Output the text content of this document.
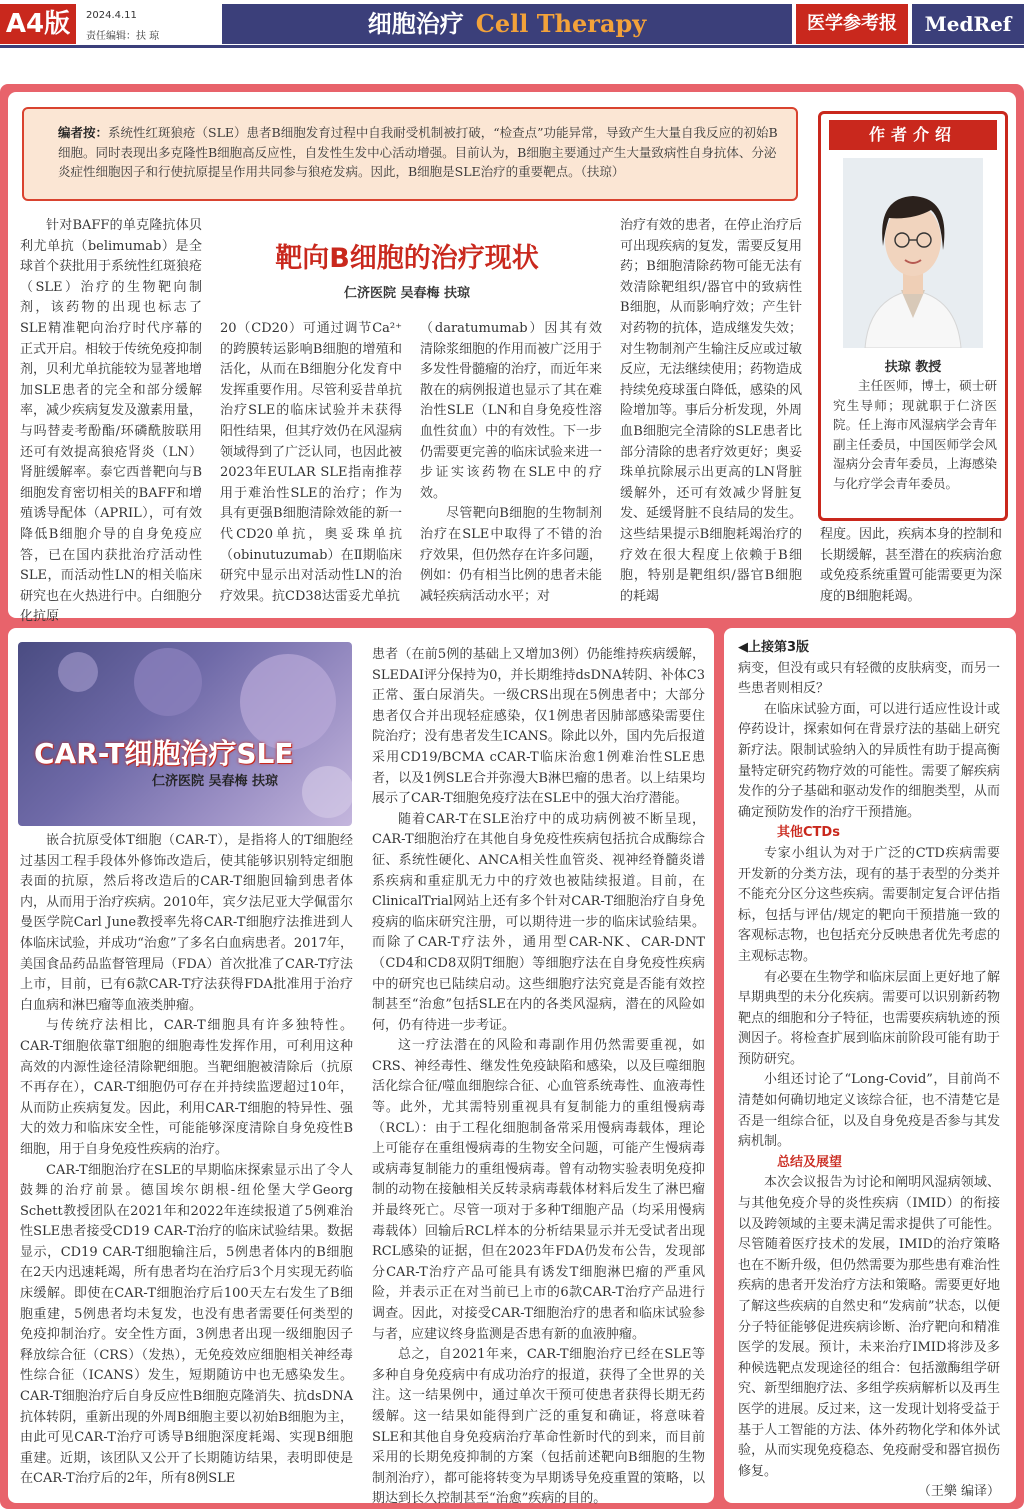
A4版	2024.4.11
责任编辑：扶 琼	细胞治疗 Cell Therapy	医学参考报	MedRef
编者按：系统性红斑狼疮（SLE）患者B细胞发育过程中自我耐受机制被打破，“检查点”功能异常，导致产生大量自我反应的初始B细胞。同时表现出多克隆性B细胞高反应性，自发性生发中心活动增强。目前认为，B细胞主要通过产生大量致病性自身抗体、分泌炎症性细胞因子和行使抗原提呈作用共同参与狼疮发病。因此，B细胞是SLE治疗的重要靶点。（扶琼）
作者介绍
扶琼 教授

主任医师，博士，硕士研究生导师；现就职于仁济医院。任上海市风湿病学会青年副主任委员，中国医师学会风湿病分会青年委员，上海感染与化疗学会青年委员。

靶向B细胞的治疗现状
仁济医院 吴春梅 扶琼

针对BAFF的单克隆抗体贝利尤单抗（belimumab）是全球首个获批用于系统性红斑狼疮（SLE）治疗的生物靶向制剂，该药物的出现也标志了SLE精准靶向治疗时代序幕的正式开启。相较于传统免疫抑制剂，贝利尤单抗能较为显著地增加SLE患者的完全和部分缓解率，减少疾病复发及激素用量，与吗替麦考酚酯/环磷酰胺联用还可有效提高狼疮肾炎（LN）肾脏缓解率。泰它西普靶向与B细胞发育密切相关的BAFF和增殖诱导配体（APRIL），可有效降低B细胞介导的自身免疫应答，已在国内获批治疗活动性SLE，而活动性LN的相关临床研究也在火热进行中。白细胞分化抗原

20（CD20）可通过调节Ca²⁺的跨膜转运影响B细胞的增殖和活化，从而在B细胞分化发育中发挥重要作用。尽管利妥昔单抗治疗SLE的临床试验并未获得阳性结果，但其疗效仍在风湿病领域得到了广泛认同，也因此被2023年EULAR SLE指南推荐用于难治性SLE的治疗；作为具有更强B细胞清除效能的新一代CD20单抗，奥妥珠单抗（obinutuzumab）在Ⅱ期临床研究中显示出对活动性LN的治疗效果。抗CD38达雷妥尤单抗

（daratumumab）因其有效清除浆细胞的作用而被广泛用于多发性骨髓瘤的治疗，而近年来散在的病例报道也显示了其在难治性SLE（LN和自身免疫性溶血性贫血）中的有效性。下一步仍需要更完善的临床试验来进一步证实该药物在SLE中的疗效。

尽管靶向B细胞的生物制剂治疗在SLE中取得了不错的治疗效果，但仍然存在许多问题，例如：仍有相当比例的患者未能减轻疾病活动水平；对

治疗有效的患者，在停止治疗后可出现疾病的复发，需要反复用药；B细胞清除药物可能无法有效清除靶组织/器官中的致病性B细胞，从而影响疗效；产生针对药物的抗体，造成继发失效；对生物制剂产生输注反应或过敏反应，无法继续使用；药物造成持续免疫球蛋白降低，感染的风险增加等。事后分析发现，外周血B细胞完全清除的SLE患者比部分清除的患者疗效更好；奥妥珠单抗除展示出更高的LN肾脏缓解外，还可有效减少肾脏复发、延缓肾脏不良结局的发生。这些结果提示B细胞耗竭治疗的疗效在很大程度上依赖于B细胞，特别是靶组织/器官B细胞的耗竭

程度。因此，疾病本身的控制和长期缓解，甚至潜在的疾病治愈或免疫系统重置可能需要更为深度的B细胞耗竭。

CAR-T细胞治疗SLE
仁济医院 吴春梅 扶琼

嵌合抗原受体T细胞（CAR-T），是指将人的T细胞经过基因工程手段体外修饰改造后，使其能够识别特定细胞表面的抗原，然后将改造后的CAR-T细胞回输到患者体内，从而用于治疗疾病。2010年，宾夕法尼亚大学佩雷尔曼医学院Carl June教授率先将CAR-T细胞疗法推进到人体临床试验，并成功“治愈”了多名白血病患者。2017年，美国食品药品监督管理局（FDA）首次批准了CAR-T疗法上市，目前，已有6款CAR-T疗法获得FDA批准用于治疗白血病和淋巴瘤等血液类肿瘤。

与传统疗法相比，CAR-T细胞具有许多独特性。CAR-T细胞依靠T细胞的细胞毒性发挥作用，可利用这种高效的内源性途径清除靶细胞。当靶细胞被清除后（抗原不再存在），CAR-T细胞仍可存在并持续监逻超过10年，从而防止疾病复发。因此，利用CAR-T细胞的特异性、强大的效力和临床安全性，可能能够深度清除自身免疫性B细胞，用于自身免疫性疾病的治疗。

CAR-T细胞治疗在SLE的早期临床探索显示出了令人鼓舞的治疗前景。德国埃尔朗根-纽伦堡大学Georg Schett教授团队在2021年和2022年连续报道了5例难治性SLE患者接受CD19 CAR-T治疗的临床试验结果。数据显示，CD19 CAR-T细胞输注后，5例患者体内的B细胞在2天内迅速耗竭，所有患者均在治疗后3个月实现无药临床缓解。即使在CAR-T细胞治疗后100天左右发生了B细胞重建，5例患者均未复发，也没有患者需要任何类型的免疫抑制治疗。安全性方面，3例患者出现一级细胞因子释放综合征（CRS）（发热），无免疫效应细胞相关神经毒性综合征（ICANS）发生，短期随访中也无感染发生。CAR-T细胞治疗后自身反应性B细胞克隆消失、抗dsDNA抗体转阴，重新出现的外周B细胞主要以初始B细胞为主，由此可见CAR-T治疗可诱导B细胞深度耗竭、实现B细胞重建。近期，该团队又公开了长期随访结果，表明即使是在CAR-T治疗后的2年，所有8例SLE

患者（在前5例的基础上又增加3例）仍能维持疾病缓解，SLEDAI评分保持为0，并长期维持dsDNA转阴、补体C3正常、蛋白尿消失。一级CRS出现在5例患者中；大部分患者仅合并出现轻症感染，仅1例患者因肺部感染需要住院治疗；没有患者发生ICANS。除此以外，国内先后报道采用CD19/BCMA cCAR-T临床治愈1例难治性SLE患者，以及1例SLE合并弥漫大B淋巴瘤的患者。以上结果均展示了CAR-T细胞免疫疗法在SLE中的强大治疗潜能。

随着CAR-T在SLE治疗中的成功病例被不断呈现，CAR-T细胞治疗在其他自身免疫性疾病包括抗合成酶综合征、系统性硬化、ANCA相关性血管炎、视神经脊髓炎谱系疾病和重症肌无力中的疗效也被陆续报道。目前，在ClinicalTrial网站上还有多个针对CAR-T细胞治疗自身免疫病的临床研究注册，可以期待进一步的临床试验结果。而除了CAR-T疗法外，通用型CAR-NK、CAR-DNT（CD4和CD8双阴T细胞）等细胞疗法在自身免疫性疾病中的研究也已陆续启动。这些细胞疗法究竟是否能有效控制甚至“治愈”包括SLE在内的各类风湿病，潜在的风险如何，仍有待进一步考证。

这一疗法潜在的风险和毒副作用仍然需要重视，如CRS、神经毒性、继发性免疫缺陷和感染，以及巨噬细胞活化综合征/噬血细胞综合征、心血管系统毒性、血液毒性等。此外，尤其需特别重视具有复制能力的重组慢病毒（RCL）：由于工程化细胞制备常采用慢病毒载体，理论上可能存在重组慢病毒的生物安全问题，可能产生慢病毒或病毒复制能力的重组慢病毒。曾有动物实验表明免疫抑制的动物在接触相关反转录病毒载体材料后发生了淋巴瘤并最终死亡。尽管一项对于多种T细胞产品（均采用慢病毒载体）回输后RCL样本的分析结果显示并无受试者出现RCL感染的证据，但在2023年FDA仍发布公告，发现部分CAR-T治疗产品可能具有诱发T细胞淋巴瘤的严重风险，并表示正在对当前已上市的6款CAR-T治疗产品进行调查。因此，对接受CAR-T细胞治疗的患者和临床试验参与者，应建议终身监测是否患有新的血液肿瘤。

总之，自2021年来，CAR-T细胞治疗已经在SLE等多种自身免疫病中有成功治疗的报道，获得了全世界的关注。这一结果例中，通过单次干预可使患者获得长期无药缓解。这一结果如能得到广泛的重复和确证，将意味着SLE和其他自身免疫病治疗革命性新时代的到来，而目前采用的长期免疫抑制的方案（包括前述靶向B细胞的生物制剂治疗），都可能将转变为早期诱导免疫重置的策略，以期达到长久控制甚至“治愈”疾病的目的。

◀上接第3版

病变，但没有或只有轻微的皮肤病变，而另一些患者则相反？

在临床试验方面，可以进行适应性设计或停药设计，探索如何在背景疗法的基础上研究新疗法。限制试验纳入的异质性有助于提高衡量特定研究药物疗效的可能性。需要了解疾病发作的分子基础和驱动发作的细胞类型，从而确定预防发作的治疗干预措施。

其他CTDs

专家小组认为对于广泛的CTD疾病需要开发新的分类方法，现有的基于表型的分类并不能充分区分这些疾病。需要制定复合评估指标，包括与评估/规定的靶向干预措施一致的客观标志物，也包括充分反映患者优先考虑的主观标志物。

有必要在生物学和临床层面上更好地了解早期典型的未分化疾病。需要可以识别新药物靶点的细胞和分子特征，也需要疾病轨迹的预测因子。将检查扩展到临床前阶段可能有助于预防研究。

小组还讨论了“Long-Covid”，目前尚不清楚如何确切地定义该综合征，也不清楚它是否是一组综合征，以及自身免疫是否参与其发病机制。

总结及展望

本次会议报告为讨论和阐明风湿病领域、与其他免疫介导的炎性疾病（IMID）的衔接以及跨领域的主要未满足需求提供了可能性。尽管随着医疗技术的发展，IMID的治疗策略也在不断升级，但仍然需要为那些患有难治性疾病的患者开发治疗方法和策略。需要更好地了解这些疾病的自然史和“发病前”状态，以便分子特征能够促进疾病诊断、治疗靶向和精准医学的发展。预计，未来治疗IMID将涉及多种候选靶点发现途径的组合：包括激酶组学研究、新型细胞疗法、多组学疾病解析以及再生医学的进展。反过来，这一发现计划将受益于基于人工智能的方法、体外药物化学和体外试验，从而实现免疫稳态、免疫耐受和器官损伤修复。

（王樂 编译）
